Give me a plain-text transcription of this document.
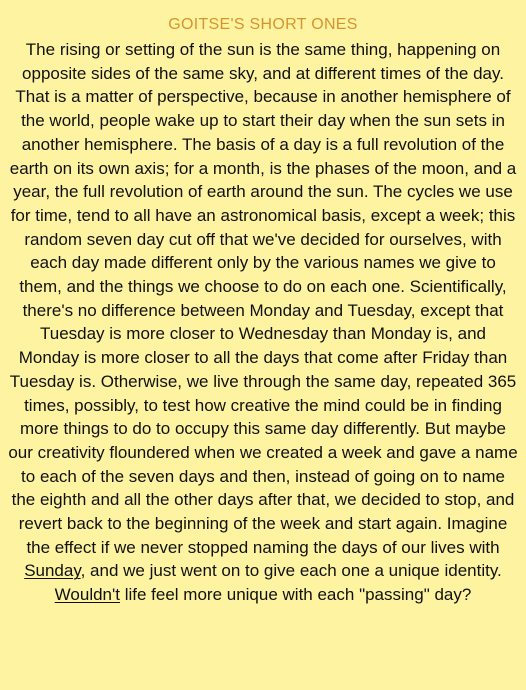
GOITSE'S SHORT ONES

The rising or setting of the sun is the same thing, happening on opposite sides of the same sky, and at different times of the day. That is a matter of perspective, because in another hemisphere of the world, people wake up to start their day when the sun sets in another hemisphere. The basis of a day is a full revolution of the earth on its own axis; for a month, is the phases of the moon, and a year, the full revolution of earth around the sun. The cycles we use for time, tend to all have an astronomical basis, except a week; this random seven day cut off that we've decided for ourselves, with each day made different only by the various names we give to them, and the things we choose to do on each one. Scientifically, there's no difference between Monday and Tuesday, except that Tuesday is more closer to Wednesday than Monday is, and Monday is more closer to all the days that come after Friday than Tuesday is. Otherwise, we live through the same day, repeated 365 times, possibly, to test how creative the mind could be in finding more things to do to occupy this same day differently. But maybe our creativity floundered when we created a week and gave a name to each of the seven days and then, instead of going on to name the eighth and all the other days after that, we decided to stop, and revert back to the beginning of the week and start again. Imagine the effect if we never stopped naming the days of our lives with Sunday, and we just went on to give each one a unique identity. Wouldn't life feel more unique with each "passing" day?
